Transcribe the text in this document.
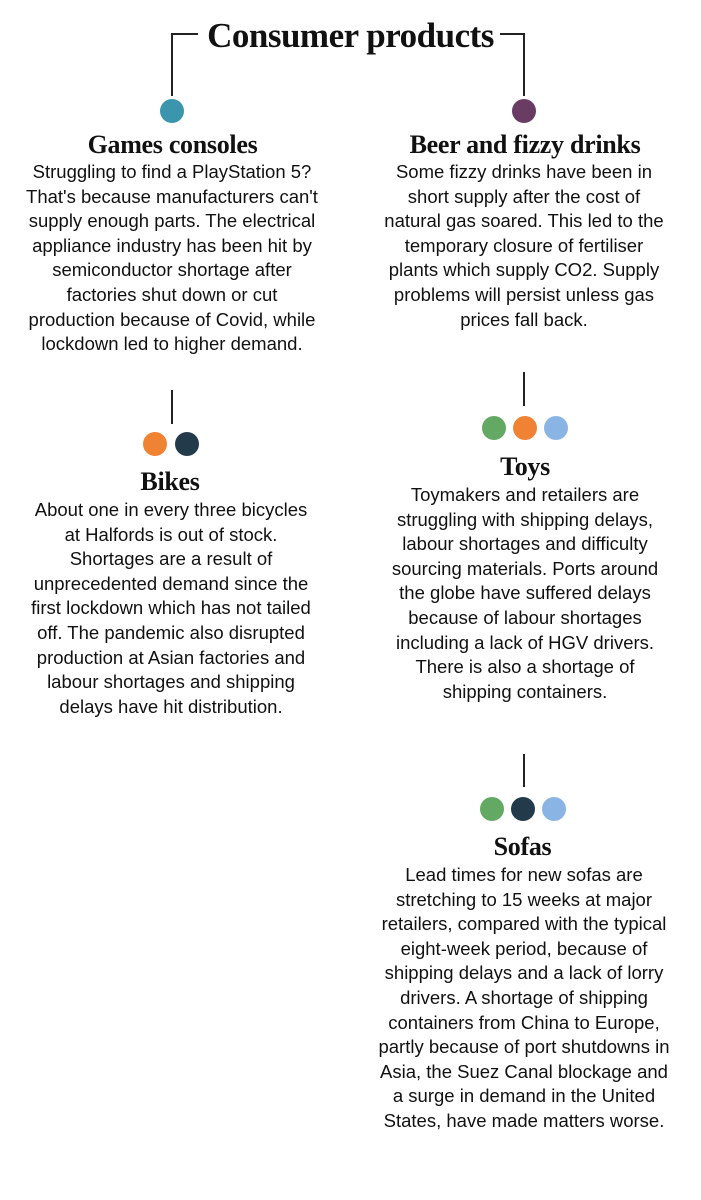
Consumer products
Games consoles
Struggling to find a PlayStation 5? That's because manufacturers can't supply enough parts. The electrical appliance industry has been hit by semiconductor shortage after factories shut down or cut production because of Covid, while lockdown led to higher demand.
Beer and fizzy drinks
Some fizzy drinks have been in short supply after the cost of natural gas soared. This led to the temporary closure of fertiliser plants which supply CO2. Supply problems will persist unless gas prices fall back.
Bikes
About one in every three bicycles at Halfords is out of stock. Shortages are a result of unprecedented demand since the first lockdown which has not tailed off. The pandemic also disrupted production at Asian factories and labour shortages and shipping delays have hit distribution.
Toys
Toymakers and retailers are struggling with shipping delays, labour shortages and difficulty sourcing materials. Ports around the globe have suffered delays because of labour shortages including a lack of HGV drivers. There is also a shortage of shipping containers.
Sofas
Lead times for new sofas are stretching to 15 weeks at major retailers, compared with the typical eight-week period, because of shipping delays and a lack of lorry drivers. A shortage of shipping containers from China to Europe, partly because of port shutdowns in Asia, the Suez Canal blockage and a surge in demand in the United States, have made matters worse.
